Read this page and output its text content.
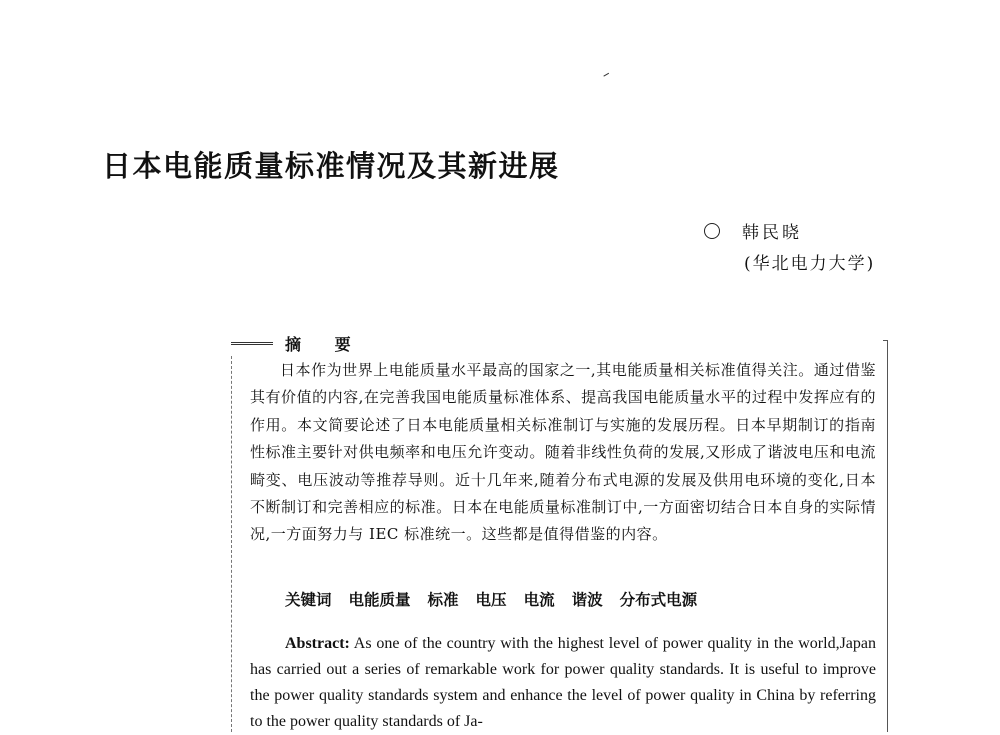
日本电能质量标准情况及其新进展
韩民晓
(华北电力大学)
摘 要

日本作为世界上电能质量水平最高的国家之一,其电能质量相关标准值得关注。通过借鉴其有价值的内容,在完善我国电能质量标准体系、提高我国电能质量水平的过程中发挥应有的作用。本文简要论述了日本电能质量相关标准制订与实施的发展历程。日本早期制订的指南性标准主要针对供电频率和电压允许变动。随着非线性负荷的发展,又形成了谐波电压和电流畸变、电压波动等推荐导则。近十几年来,随着分布式电源的发展及供用电环境的变化,日本不断制订和完善相应的标准。日本在电能质量标准制订中,一方面密切结合日本自身的实际情况,一方面努力与 IEC 标准统一。这些都是值得借鉴的内容。

关键词 电能质量 标准 电压 电流 谐波 分布式电源

Abstract: As one of the country with the highest level of power quality in the world,Japan has carried out a series of remarkable work for power quality standards. It is useful to improve the power quality standards system and enhance the level of power quality in China by referring to the power quality standards of Ja-
